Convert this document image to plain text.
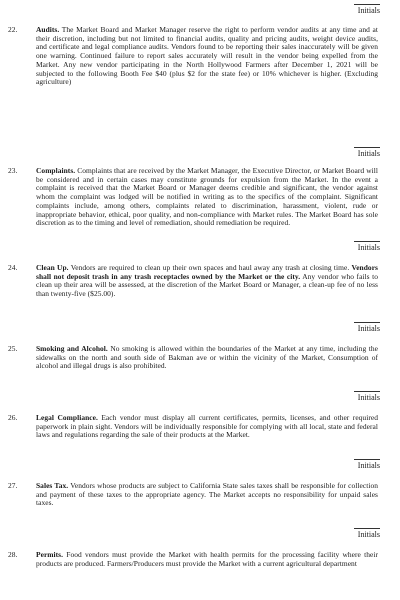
Initials
22. Audits. The Market Board and Market Manager reserve the right to perform vendor audits at any time and at their discretion, including but not limited to financial audits, quality and pricing audits, weight device audits, and certificate and legal compliance audits. Vendors found to be reporting their sales inaccurately will be given one warning. Continued failure to report sales accurately will result in the vendor being expelled from the Market. Any new vendor participating in the North Hollywood Farmers after December 1, 2021 will be subjected to the following Booth Fee $40 (plus $2 for the state fee) or 10% whichever is higher. (Excluding agriculture)
Initials
23. Complaints. Complaints that are received by the Market Manager, the Executive Director, or Market Board will be considered and in certain cases may constitute grounds for expulsion from the Market. In the event a complaint is received that the Market Board or Manager deems credible and significant, the vendor against whom the complaint was lodged will be notified in writing as to the specifics of the complaint. Significant complaints include, among others, complaints related to discrimination, harassment, violent, rude or inappropriate behavior, ethical, poor quality, and non-compliance with Market rules. The Market Board has sole discretion as to the timing and level of remediation, should remediation be required.
Initials
24. Clean Up. Vendors are required to clean up their own spaces and haul away any trash at closing time. Vendors shall not deposit trash in any trash receptacles owned by the Market or the city. Any vendor who fails to clean up their area will be assessed, at the discretion of the Market Board or Manager, a clean-up fee of no less than twenty-five ($25.00).
Initials
25. Smoking and Alcohol. No smoking is allowed within the boundaries of the Market at any time, including the sidewalks on the north and south side of Bakman ave or within the vicinity of the Market, Consumption of alcohol and illegal drugs is also prohibited.
Initials
26. Legal Compliance. Each vendor must display all current certificates, permits, licenses, and other required paperwork in plain sight. Vendors will be individually responsible for complying with all local, state and federal laws and regulations regarding the sale of their products at the Market.
Initials
27. Sales Tax. Vendors whose products are subject to California State sales taxes shall be responsible for collection and payment of these taxes to the appropriate agency. The Market accepts no responsibility for unpaid sales taxes.
Initials
28. Permits. Food vendors must provide the Market with health permits for the processing facility where their products are produced. Farmers/Producers must provide the Market with a current agricultural department
